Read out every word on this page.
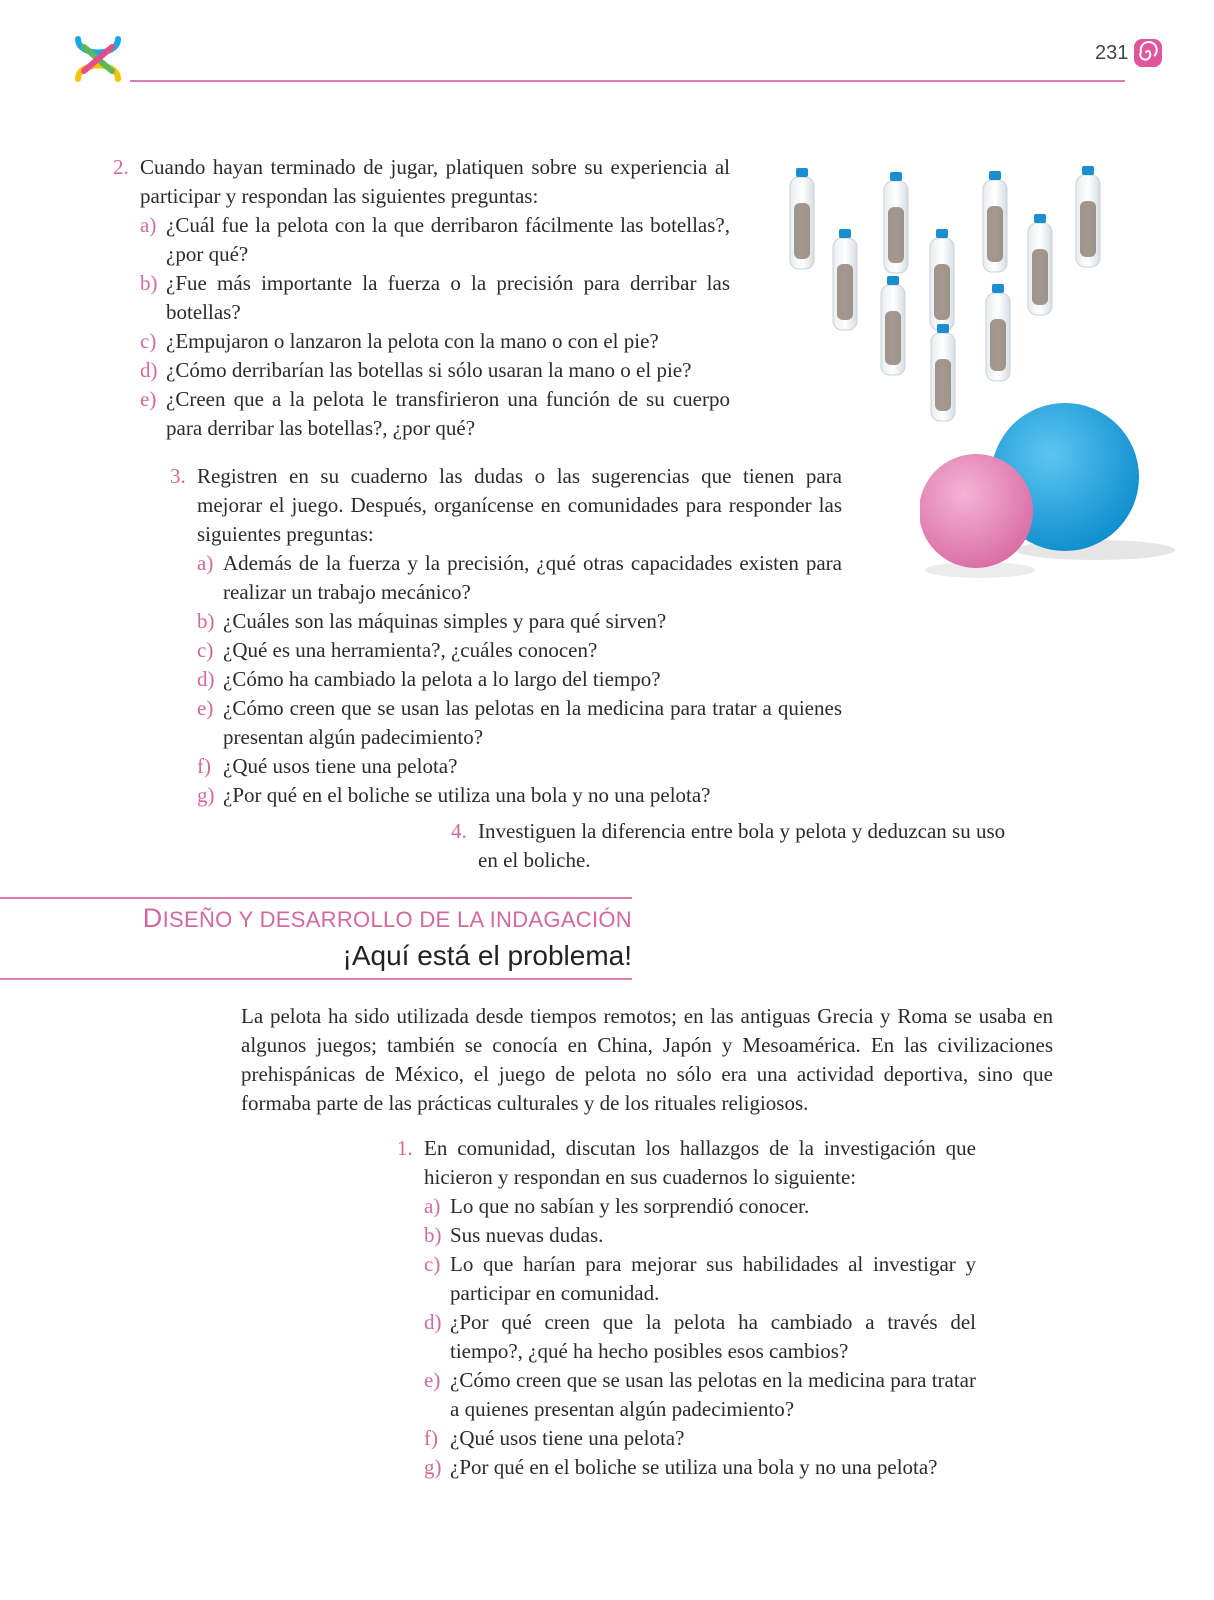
231
2. Cuando hayan terminado de jugar, platiquen sobre su experiencia al participar y respondan las siguientes preguntas:
a) ¿Cuál fue la pelota con la que derribaron fácilmente las botellas?, ¿por qué?
b) ¿Fue más importante la fuerza o la precisión para derribar las botellas?
c) ¿Empujaron o lanzaron la pelota con la mano o con el pie?
d) ¿Cómo derribarían las botellas si sólo usaran la mano o el pie?
e) ¿Creen que a la pelota le transfirieron una función de su cuerpo para derribar las botellas?, ¿por qué?
3. Registren en su cuaderno las dudas o las sugerencias que tienen para mejorar el juego. Después, organícense en comunidades para responder las siguientes preguntas:
a) Además de la fuerza y la precisión, ¿qué otras capacidades existen para realizar un trabajo mecánico?
b) ¿Cuáles son las máquinas simples y para qué sirven?
c) ¿Qué es una herramienta?, ¿cuáles conocen?
d) ¿Cómo ha cambiado la pelota a lo largo del tiempo?
e) ¿Cómo creen que se usan las pelotas en la medicina para tratar a quienes presentan algún padecimiento?
f) ¿Qué usos tiene una pelota?
g) ¿Por qué en el boliche se utiliza una bola y no una pelota?
4. Investiguen la diferencia entre bola y pelota y deduzcan su uso en el boliche.
DISEÑO Y DESARROLLO DE LA INDAGACIÓN
¡Aquí está el problema!
La pelota ha sido utilizada desde tiempos remotos; en las antiguas Grecia y Roma se usaba en algunos juegos; también se conocía en China, Japón y Mesoamérica. En las civilizaciones prehispánicas de México, el juego de pelota no sólo era una actividad deportiva, sino que formaba parte de las prácticas culturales y de los rituales religiosos.
1. En comunidad, discutan los hallazgos de la investigación que hicieron y respondan en sus cuadernos lo siguiente:
a) Lo que no sabían y les sorprendió conocer.
b) Sus nuevas dudas.
c) Lo que harían para mejorar sus habilidades al investigar y participar en comunidad.
d) ¿Por qué creen que la pelota ha cambiado a través del tiempo?, ¿qué ha hecho posibles esos cambios?
e) ¿Cómo creen que se usan las pelotas en la medicina para tratar a quienes presentan algún padecimiento?
f) ¿Qué usos tiene una pelota?
g) ¿Por qué en el boliche se utiliza una bola y no una pelota?
